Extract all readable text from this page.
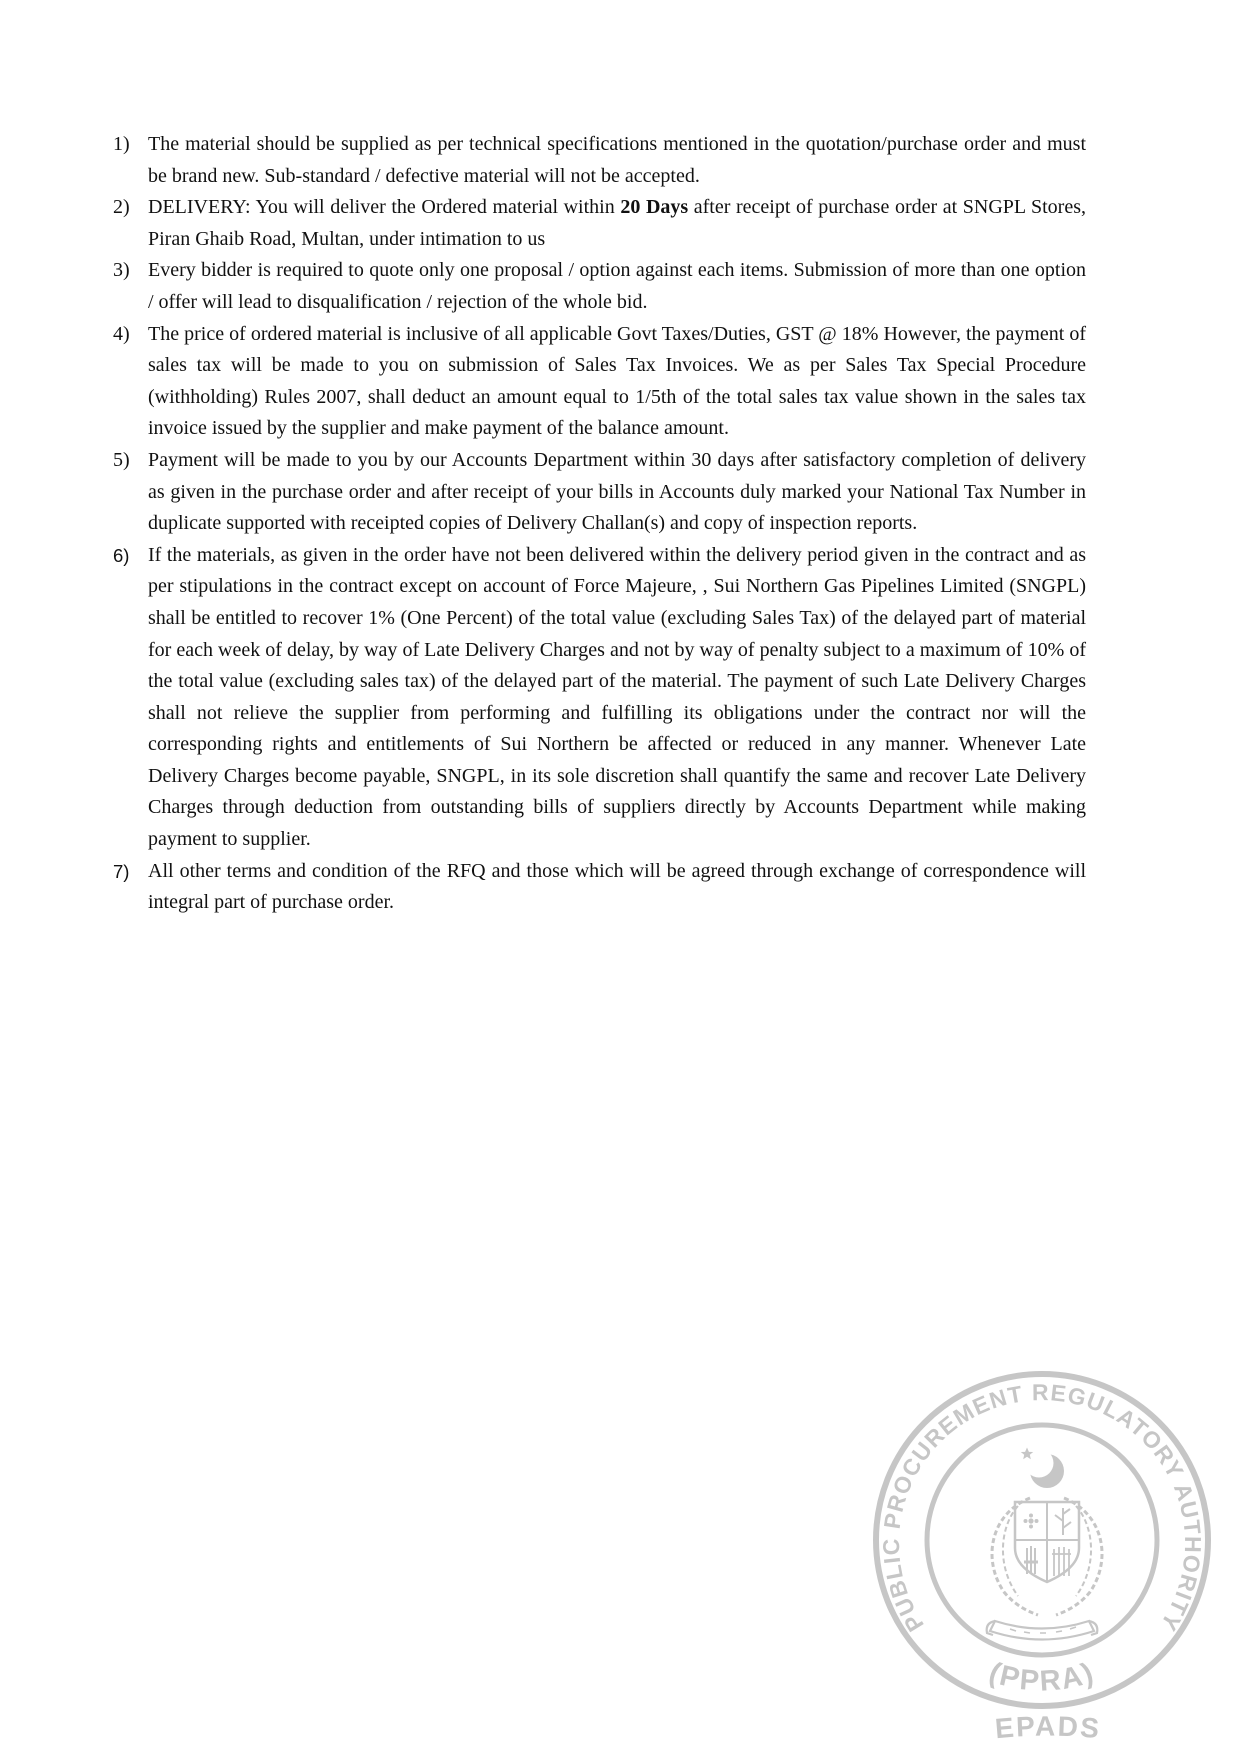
1) The material should be supplied as per technical specifications mentioned in the quotation/purchase order and must be brand new. Sub-standard / defective material will not be accepted.
2) DELIVERY: You will deliver the Ordered material within 20 Days after receipt of purchase order at SNGPL Stores, Piran Ghaib Road, Multan, under intimation to us
3) Every bidder is required to quote only one proposal / option against each items. Submission of more than one option / offer will lead to disqualification / rejection of the whole bid.
4) The price of ordered material is inclusive of all applicable Govt Taxes/Duties, GST @ 18% However, the payment of sales tax will be made to you on submission of Sales Tax Invoices. We as per Sales Tax Special Procedure (withholding) Rules 2007, shall deduct an amount equal to 1/5th of the total sales tax value shown in the sales tax invoice issued by the supplier and make payment of the balance amount.
5) Payment will be made to you by our Accounts Department within 30 days after satisfactory completion of delivery as given in the purchase order and after receipt of your bills in Accounts duly marked your National Tax Number in duplicate supported with receipted copies of Delivery Challan(s) and copy of inspection reports.
6) If the materials, as given in the order have not been delivered within the delivery period given in the contract and as per stipulations in the contract except on account of Force Majeure, , Sui Northern Gas Pipelines Limited (SNGPL) shall be entitled to recover 1% (One Percent) of the total value (excluding Sales Tax) of the delayed part of material for each week of delay, by way of Late Delivery Charges and not by way of penalty subject to a maximum of 10% of the total value (excluding sales tax) of the delayed part of the material. The payment of such Late Delivery Charges shall not relieve the supplier from performing and fulfilling its obligations under the contract nor will the corresponding rights and entitlements of Sui Northern be affected or reduced in any manner. Whenever Late Delivery Charges become payable, SNGPL, in its sole discretion shall quantify the same and recover Late Delivery Charges through deduction from outstanding bills of suppliers directly by Accounts Department while making payment to supplier.
7) All other terms and condition of the RFQ and those which will be agreed through exchange of correspondence will integral part of purchase order.
PUBLIC PROCUREMENT REGULATORY AUTHORITY
(PPRA)
EPADS
